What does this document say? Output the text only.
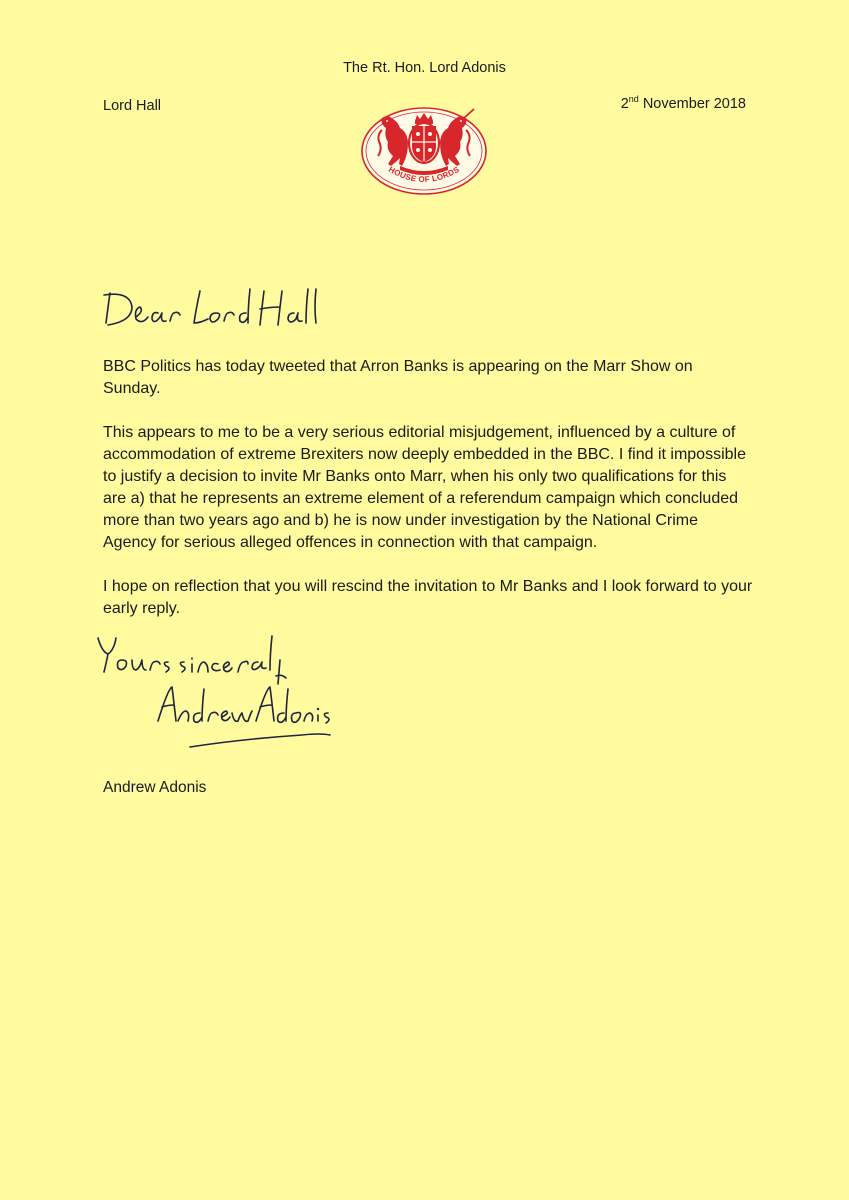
The Rt. Hon. Lord Adonis
Lord Hall	2nd November 2018
HOUSE OF LORDS

BBC Politics has today tweeted that Arron Banks is appearing on the Marr Show on Sunday.

This appears to me to be a very serious editorial misjudgement, influenced by a culture of accommodation of extreme Brexiters now deeply embedded in the BBC. I find it impossible to justify a decision to invite Mr Banks onto Marr, when his only two qualifications for this are a) that he represents an extreme element of a referendum campaign which concluded more than two years ago and b) he is now under investigation by the National Crime Agency for serious alleged offences in connection with that campaign.

I hope on reflection that you will rescind the invitation to Mr Banks and I look forward to your early reply.

Andrew Adonis
